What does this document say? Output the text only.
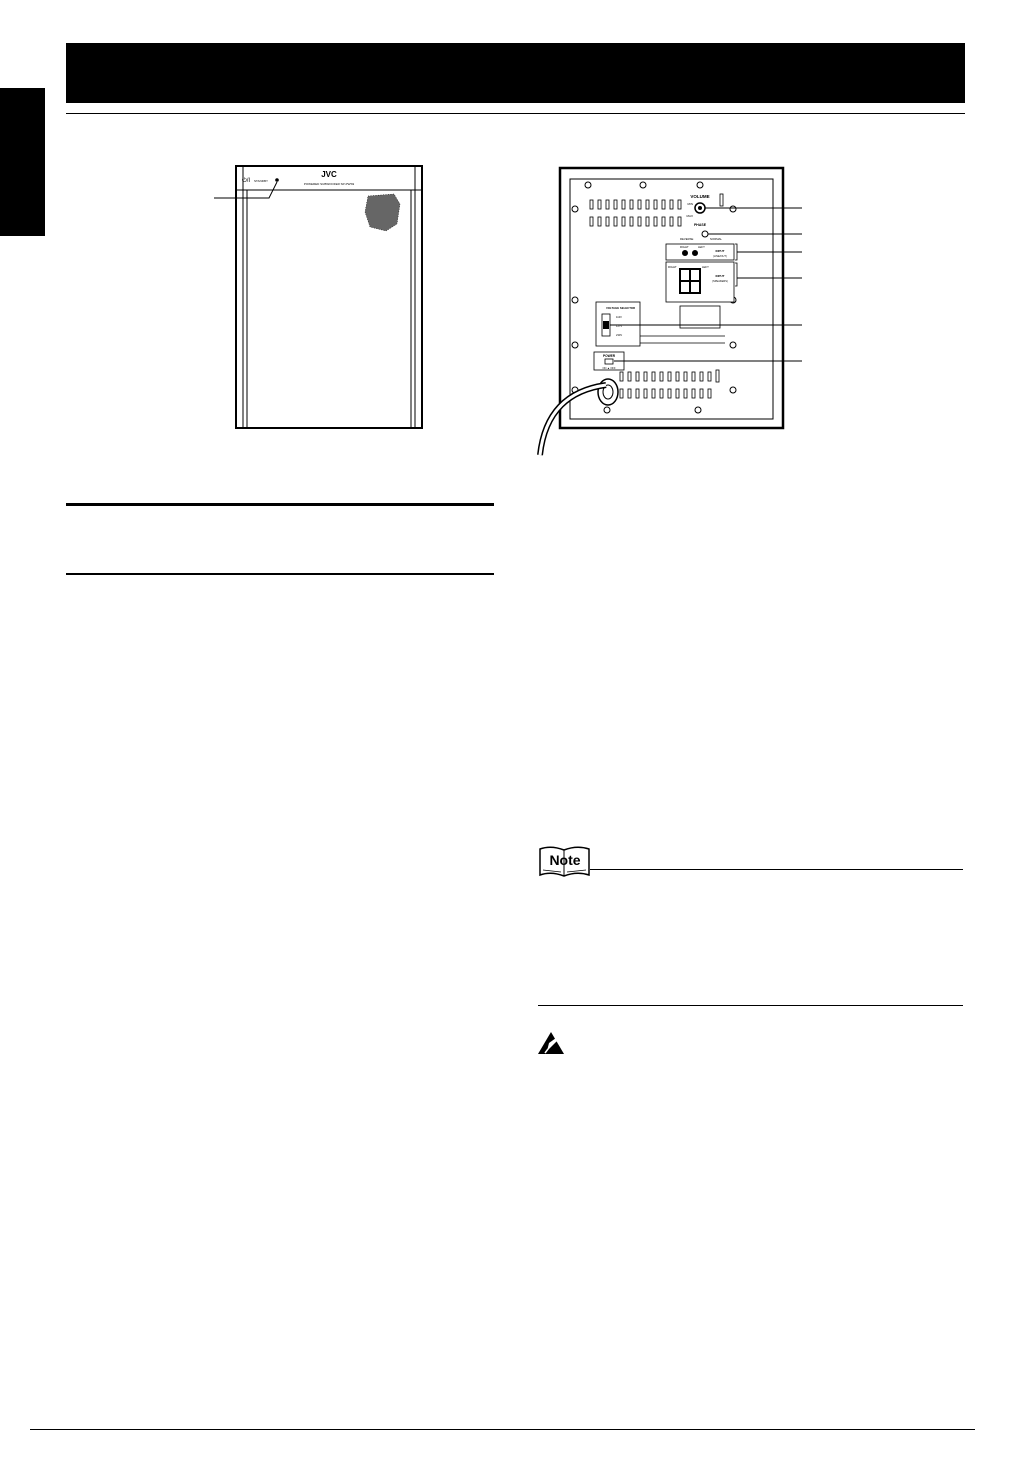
⏻/I STANDBY
JVC
POWERED SUBWOOFER SP-PWS9
VOLUME
MIN
MAX
PHASE
REVERSE	NORMAL
RIGHT	LEFT
INPUT
(LINE/OUT)
RIGHT	LEFT
INPUT
(SPEAKERS)
VOLTAGE SELECTOR
110V
127V
230V
POWER
ON ▲ OFF
Note
